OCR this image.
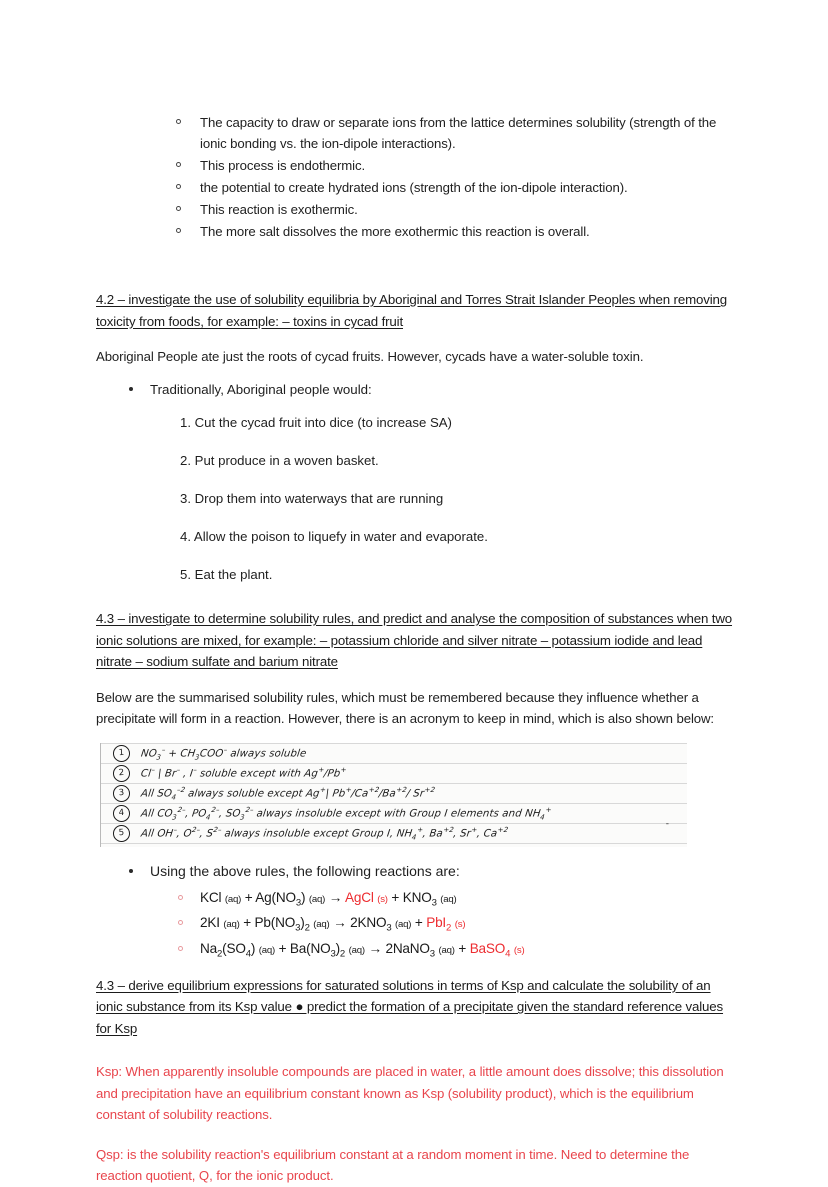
The capacity to draw or separate ions from the lattice determines solubility (strength of the ionic bonding vs. the ion-dipole interactions).
This process is endothermic.
the potential to create hydrated ions (strength of the ion-dipole interaction).
This reaction is exothermic.
The more salt dissolves the more exothermic this reaction is overall.
4.2 – investigate the use of solubility equilibria by Aboriginal and Torres Strait Islander Peoples when removing toxicity from foods, for example: – toxins in cycad fruit

Aboriginal People ate just the roots of cycad fruits. However, cycads have a water-soluble toxin.

Traditionally, Aboriginal people would:
1. Cut the cycad fruit into dice (to increase SA)
2. Put produce in a woven basket.
3. Drop them into waterways that are running
4. Allow the poison to liquefy in water and evaporate.
5. Eat the plant.
4.3 – investigate to determine solubility rules, and predict and analyse the composition of substances when two ionic solutions are mixed, for example: – potassium chloride and silver nitrate – potassium iodide and lead nitrate – sodium sulfate and barium nitrate

Below are the summarised solubility rules, which must be remembered because they influence whether a precipitate will form in a reaction. However, there is an acronym to keep in mind, which is also shown below:

1	$NO_3^- + CH_3COO^-$ always soluble
2	Cl– | Br– , I– soluble except with Ag+/Pb+
3	All $SO_4^{-2}$ always soluble except Ag+| $Pb^+/Ca^{+2}/Ba^{+2}/$ $Sr^{+2}$
4	All $CO_3^{2-}$, $PO_4^{2-}$, $SO_3^{2-}$ always insoluble except with Group I elements and $NH_4^+$
5	All OH–, $O^{2-}$, $S^{2-}$ always insoluble except Group I, $NH_4^+$, $Ba^{+2}$, Sr+, $Ca^{+2}$
-
Using the above rules, the following reactions are:
KCl $(aq) + Ag(NO_3) (aq)$ → AgCl $(s) + KNO_3$ (aq)
2KI $(aq) + Pb(NO_3)_2$ $(aq) \to 2KNO_3$ (aq) + PbI$_2$ (s)
$Na_2(SO_4) (aq) + Ba(NO_3)_2$ (aq) → 2NaNO$_3$ (aq) + BaSO$_4$ (s)
4.3 – derive equilibrium expressions for saturated solutions in terms of Ksp and calculate the solubility of an ionic substance from its Ksp value ● predict the formation of a precipitate given the standard reference values for Ksp

Ksp: When apparently insoluble compounds are placed in water, a little amount does dissolve; this dissolution and precipitation have an equilibrium constant known as Ksp (solubility product), which is the equilibrium constant of solubility reactions.

Qsp: is the solubility reaction's equilibrium constant at a random moment in time. Need to determine the reaction quotient, Q, for the ionic product.
